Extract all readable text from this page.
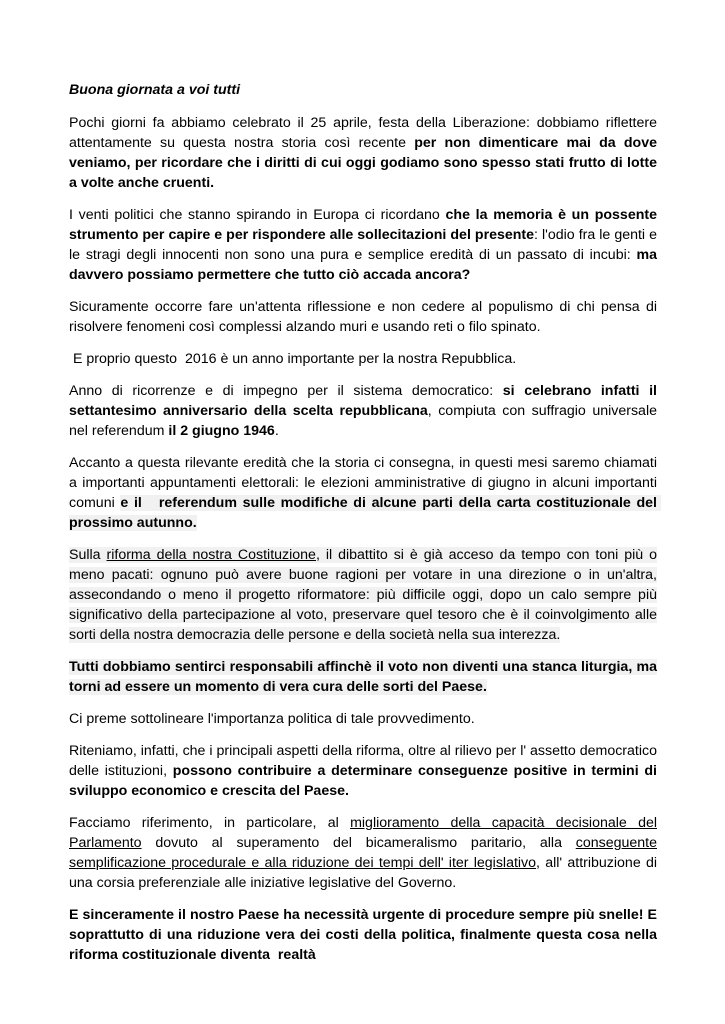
Buona giornata a voi tutti

Pochi giorni fa abbiamo celebrato il 25 aprile, festa della Liberazione: dobbiamo riflettere attentamente su questa nostra storia così recente per non dimenticare mai da dove veniamo, per ricordare che i diritti di cui oggi godiamo sono spesso stati frutto di lotte a volte anche cruenti.

I venti politici che stanno spirando in Europa ci ricordano che la memoria è un possente strumento per capire e per rispondere alle sollecitazioni del presente: l'odio fra le genti e le stragi degli innocenti non sono una pura e semplice eredità di un passato di incubi: ma davvero possiamo permettere che tutto ciò accada ancora?

Sicuramente occorre fare un'attenta riflessione e non cedere al populismo di chi pensa di risolvere fenomeni così complessi alzando muri e usando reti o filo spinato.

E proprio questo  2016 è un anno importante per la nostra Repubblica.

Anno di ricorrenze e di impegno per il sistema democratico: si celebrano infatti il settantesimo anniversario della scelta repubblicana, compiuta con suffragio universale nel referendum il 2 giugno 1946.

Accanto a questa rilevante eredità che la storia ci consegna, in questi mesi saremo chiamati a importanti appuntamenti elettorali: le elezioni amministrative di giugno in alcuni importanti comuni e il   referendum sulle modifiche di alcune parti della carta costituzionale del prossimo autunno.

Sulla riforma della nostra Costituzione, il dibattito si è già acceso da tempo con toni più o meno pacati: ognuno può avere buone ragioni per votare in una direzione o in un'altra, assecondando o meno il progetto riformatore: più difficile oggi, dopo un calo sempre più significativo della partecipazione al voto, preservare quel tesoro che è il coinvolgimento alle sorti della nostra democrazia delle persone e della società nella sua interezza.

Tutti dobbiamo sentirci responsabili affinchè il voto non diventi una stanca liturgia, ma torni ad essere un momento di vera cura delle sorti del Paese.

Ci preme sottolineare l'importanza politica di tale provvedimento.

Riteniamo, infatti, che i principali aspetti della riforma, oltre al rilievo per l' assetto democratico delle istituzioni, possono contribuire a determinare conseguenze positive in termini di sviluppo economico e crescita del Paese.

Facciamo riferimento, in particolare, al miglioramento della capacità decisionale del Parlamento dovuto al superamento del bicameralismo paritario, alla conseguente semplificazione procedurale e alla riduzione dei tempi dell' iter legislativo, all' attribuzione di una corsia preferenziale alle iniziative legislative del Governo.

E sinceramente il nostro Paese ha necessità urgente di procedure sempre più snelle! E soprattutto di una riduzione vera dei costi della politica, finalmente questa cosa nella riforma costituzionale diventa  realtà
